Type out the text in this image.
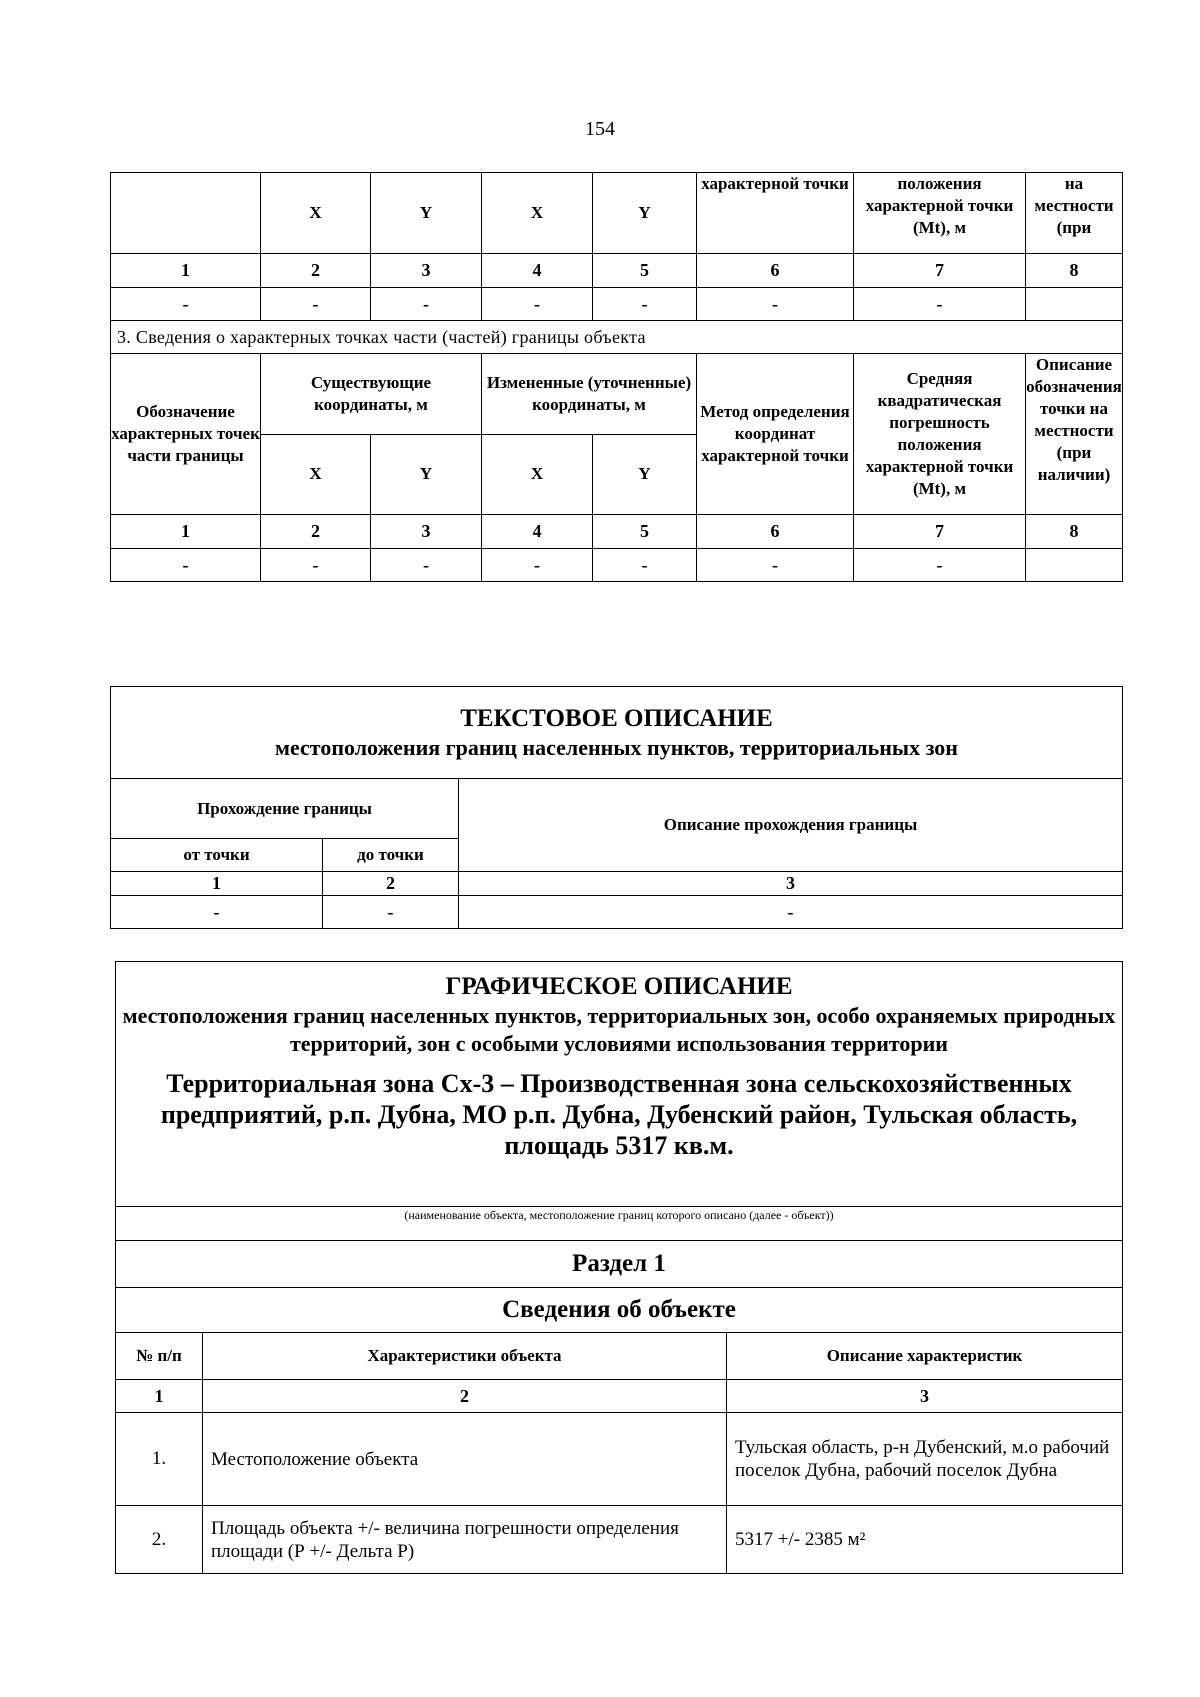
154
	X	Y	X	Y	характерной точки	положения характерной точки (Mt), м	на местности (при
1	2	3	4	5	6	7	8
-	-	-	-	-	-	-	
3. Сведения о характерных точках части (частей) границы объекта							
Обозначение характерных точек части границы	Существующие координаты, м		Измененные (уточненные) координаты, м		Метод определения координат характерной точки	Средняя квадратическая погрешность положения характерной точки (Mt), м	Описание обозначения точки на местности (при наличии)

	X	Y	X	Y			
1	2	3	4	5	6	7	8
-	-	-	-	-	-	-	
ТЕКСТОВОЕ ОПИСАНИЕ
местоположения границ населенных пунктов, территориальных зон		

Прохождение границы		Описание прохождения границы
от точки	до точки	
1	2	3
-	-	-
ГРАФИЧЕСКОЕ ОПИСАНИЕ
местоположения границ населенных пунктов, территориальных зон, особо охраняемых природных территорий, зон с особыми условиями использования территории
Территориальная зона Сх-3 – Производственная зона сельскохозяйственных предприятий, р.п. Дубна, МО р.п. Дубна, Дубенский район, Тульская область, площадь 5317 кв.м.		

(наименование объекта, местоположение границ которого описано (далее - объект))		
Раздел 1		
Сведения об объекте		
№ п/п	Характеристики объекта	Описание характеристик
1	2	3
1.	Местоположение объекта	Тульская область, р-н Дубенский, м.о рабочий поселок Дубна, рабочий поселок Дубна
2.	Площадь объекта +/- величина погрешности определения площади (Р +/- Дельта Р)	5317 +/- 2385 м²
